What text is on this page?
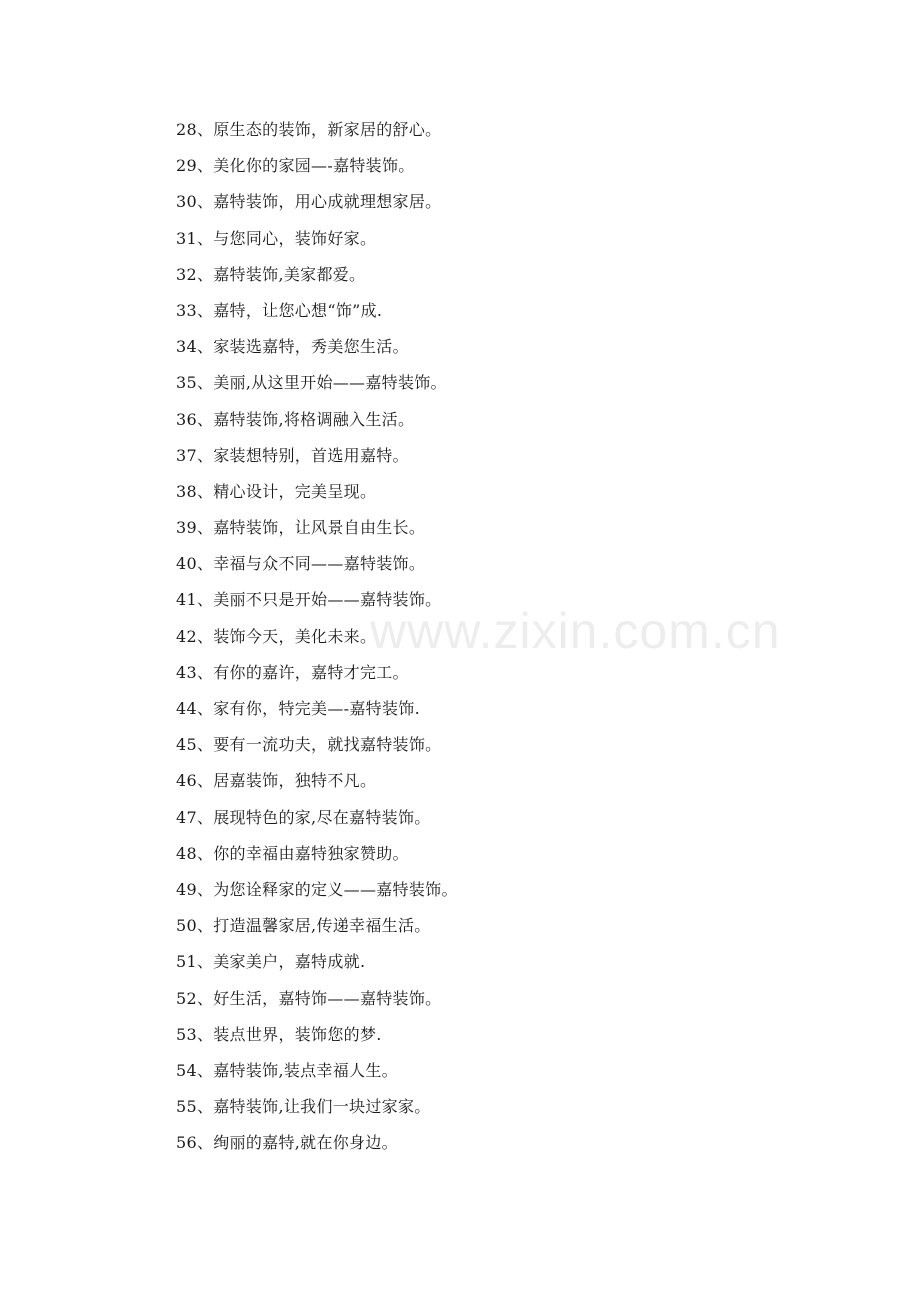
28、原生态的装饰，新家居的舒心。
29、美化你的家园—-嘉特装饰。
30、嘉特装饰，用心成就理想家居。
31、与您同心，装饰好家。
32、嘉特装饰,美家都爱。
33、嘉特，让您心想“饰”成.
34、家装选嘉特，秀美您生活。
35、美丽,从这里开始——嘉特装饰。
36、嘉特装饰,将格调融入生活。
37、家装想特别，首选用嘉特。
38、精心设计，完美呈现。
39、嘉特装饰，让风景自由生长。
40、幸福与众不同——嘉特装饰。
41、美丽不只是开始——嘉特装饰。
42、装饰今天，美化未来。
43、有你的嘉许，嘉特才完工。
44、家有你，特完美—-嘉特装饰.
45、要有一流功夫，就找嘉特装饰。
46、居嘉装饰，独特不凡。
47、展现特色的家,尽在嘉特装饰。
48、你的幸福由嘉特独家赞助。
49、为您诠释家的定义——嘉特装饰。
50、打造温馨家居,传递幸福生活。
51、美家美户，嘉特成就.
52、好生活，嘉特饰——嘉特装饰。
53、装点世界，装饰您的梦.
54、嘉特装饰,装点幸福人生。
55、嘉特装饰,让我们一块过家家。
56、绚丽的嘉特,就在你身边。
www.zixin.com.cn
